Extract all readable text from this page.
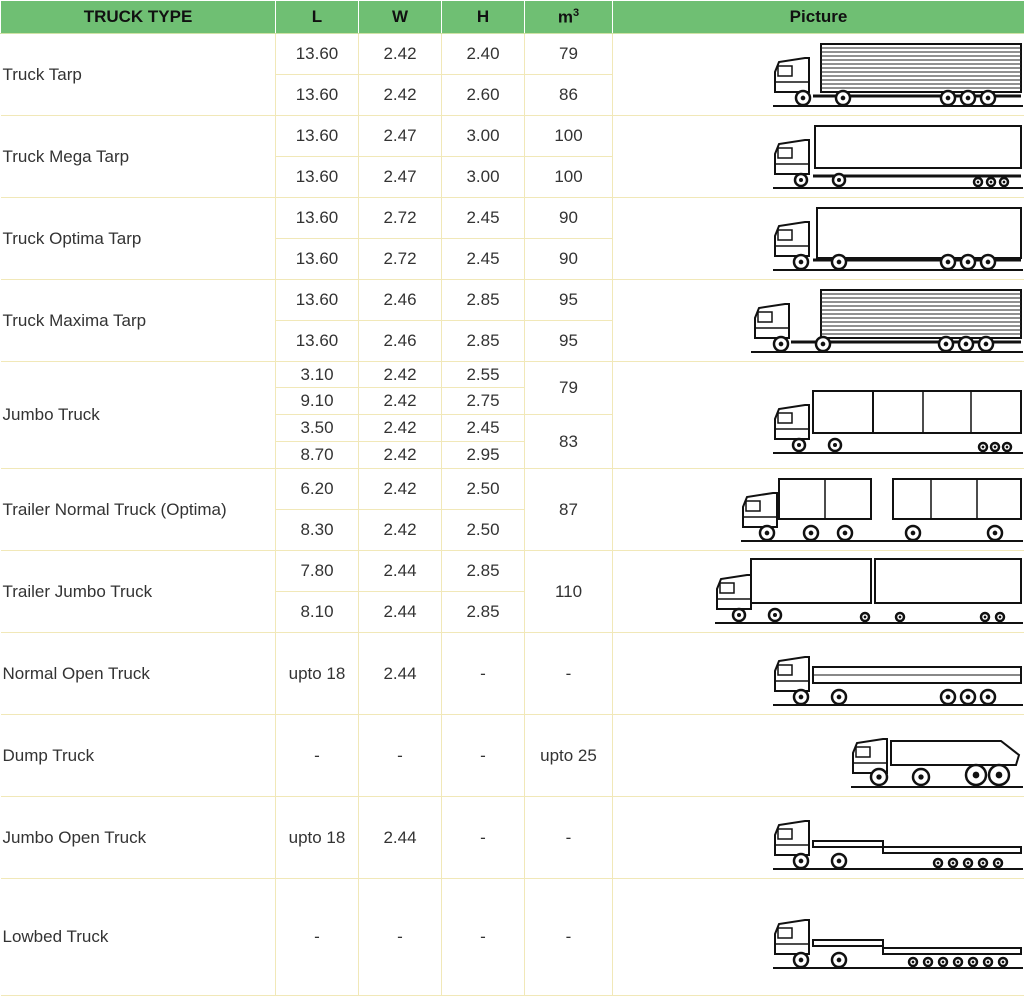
TRUCK TYPE	L	W	H	$m^3$	Picture
Truck Tarp	13.60	2.42	2.40	79	

	13.60	2.42	2.60	86	
Truck Mega Tarp	13.60	2.47	3.00	100	

	13.60	2.47	3.00	100	
Truck Optima Tarp	13.60	2.72	2.45	90	

	13.60	2.72	2.45	90	
Truck Maxima Tarp	13.60	2.46	2.85	95	

	13.60	2.46	2.85	95	
Jumbo Truck	3.10	2.42	2.55	79	

	9.10	2.42	2.75		
	3.50	2.42	2.45	83	
	8.70	2.42	2.95		
Trailer Normal Truck (Optima)	6.20	2.42	2.50	87	

	8.30	2.42	2.50		
Trailer Jumbo Truck	7.80	2.44	2.85	110	

	8.10	2.44	2.85		
Normal Open Truck	upto 18	2.44	-	-	

Dump Truck	-	-	-	upto 25	

Jumbo Open Truck	upto 18	2.44	-	-	

Lowbed Truck	-	-	-	-	
